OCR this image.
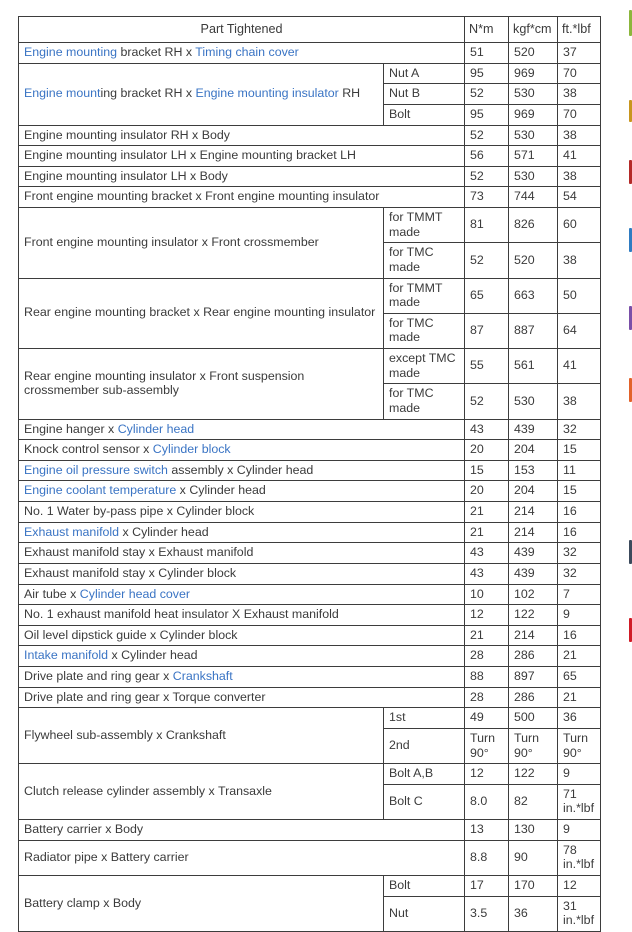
Part Tightened		N*m	kgf*cm	ft.*lbf
Engine mounting bracket RH x Timing chain cover		51	520	37
Engine mounting bracket RH x Engine mounting insulator RH	Nut A	95	969	70
	Nut B	52	530	38
	Bolt	95	969	70
Engine mounting insulator RH x Body		52	530	38
Engine mounting insulator LH x Engine mounting bracket LH		56	571	41
Engine mounting insulator LH x Body		52	530	38
Front engine mounting bracket x Front engine mounting insulator		73	744	54
Front engine mounting insulator x Front crossmember	for TMMT made	81	826	60
	for TMC made	52	520	38
Rear engine mounting bracket x Rear engine mounting insulator	for TMMT made	65	663	50
	for TMC made	87	887	64
Rear engine mounting insulator x Front suspension crossmember sub-assembly	except TMC made	55	561	41
	for TMC made	52	530	38
Engine hanger x Cylinder head		43	439	32
Knock control sensor x Cylinder block		20	204	15
Engine oil pressure switch assembly x Cylinder head		15	153	11
Engine coolant temperature x Cylinder head		20	204	15
No. 1 Water by-pass pipe x Cylinder block		21	214	16
Exhaust manifold x Cylinder head		21	214	16
Exhaust manifold stay x Exhaust manifold		43	439	32
Exhaust manifold stay x Cylinder block		43	439	32
Air tube x Cylinder head cover		10	102	7
No. 1 exhaust manifold heat insulator X Exhaust manifold		12	122	9
Oil level dipstick guide x Cylinder block		21	214	16
Intake manifold x Cylinder head		28	286	21
Drive plate and ring gear x Crankshaft		88	897	65
Drive plate and ring gear x Torque converter		28	286	21
Flywheel sub-assembly x Crankshaft	1st	49	500	36
	2nd	Turn 90°	Turn 90°	Turn 90°
Clutch release cylinder assembly x Transaxle	Bolt A,B	12	122	9
	Bolt C	8.0	82	71 in.*lbf
Battery carrier x Body		13	130	9
Radiator pipe x Battery carrier		8.8	90	78 in.*lbf
Battery clamp x Body	Bolt	17	170	12
	Nut	3.5	36	31 in.*lbf
